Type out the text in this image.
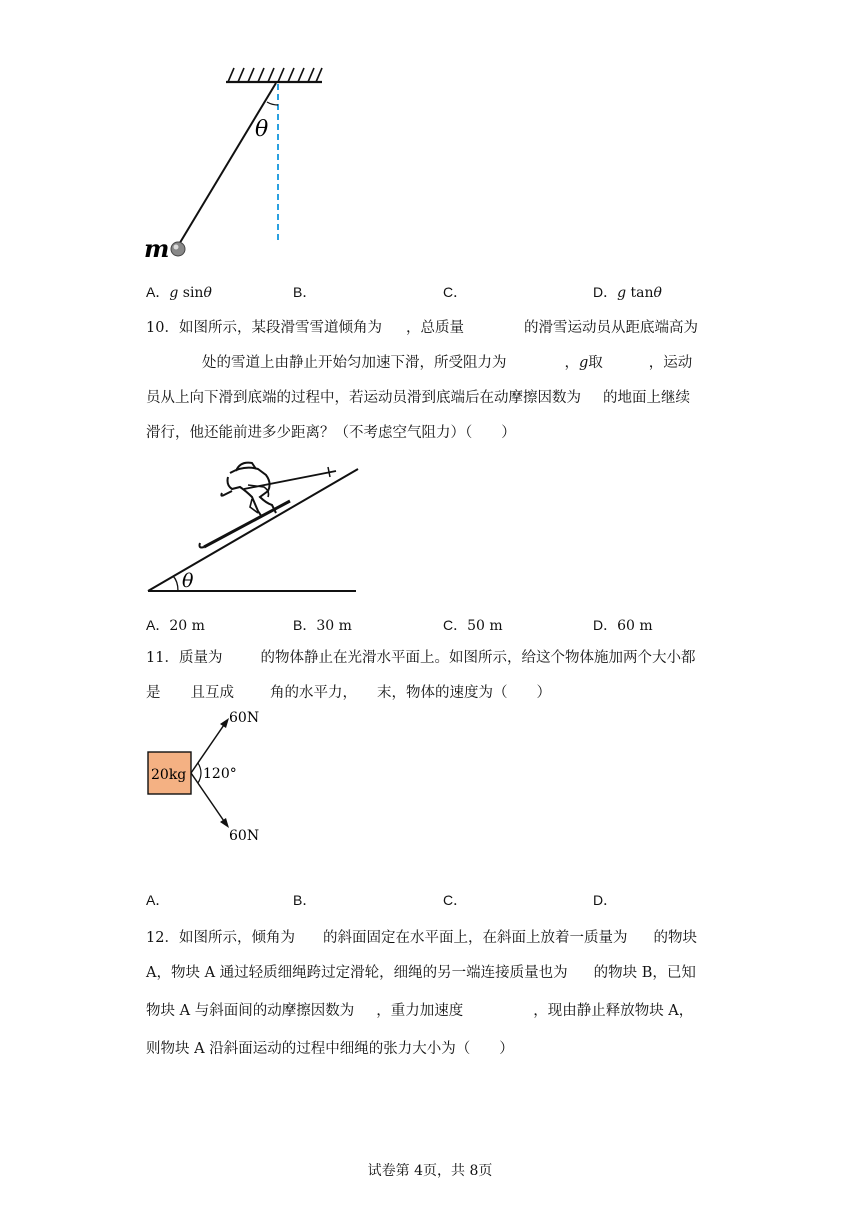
θ
m
A．g sinθ	B．	C．	D．g tanθ
10．如图所示，某段滑雪雪道倾角为 ，总质量	的滑雪运动员从距底端高为
处的雪道上由静止开始匀加速下滑，所受阻力为	，g取	，运动
员从上向下滑到底端的过程中，若运动员滑到底端后在动摩擦因数为 的地面上继续
滑行，他还能前进多少距离？（不考虑空气阻力）（　　）
θ
A．20 m	B．30 m	C．50 m	D．60 m
11．质量为	的物体静止在光滑水平面上。如图所示，给这个物体施加两个大小都
是 且互成 角的水平力， 末，物体的速度为（　　）
20kg
60N
60N
120°
A．	B．	C．	D．
12．如图所示，倾角为 的斜面固定在水平面上，在斜面上放着一质量为 的物块
A，物块 A 通过轻质细绳跨过定滑轮，细绳的另一端连接质量也为 的物块 B，已知
物块 A 与斜面间的动摩擦因数为 ，重力加速度	，现由静止释放物块 A，
则物块 A 沿斜面运动的过程中细绳的张力大小为（　　）
试卷第 4页，共 8页
